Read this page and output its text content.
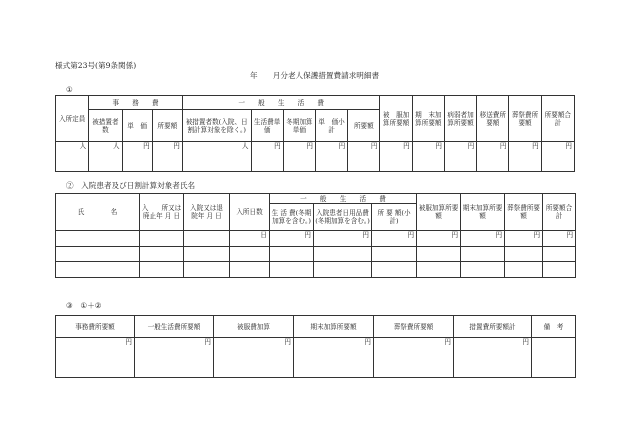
様式第23号(第9条関係)
年　　月分老人保護措置費請求明細書
①
入所定員	事　　務　　費			一　　般　　生　　活　　費					被　服加　算所要額	期　末加　算所要額	病弱者加　算所要額	移送費所要額	葬祭費所要額	所要額合　計
	被措置者数	単　価	所要額	被措置者数(入院、日割計算対象を除く。)	生活費単　価	冬期加算単価	単　価小　計	所要額						
人	人	円	円	人	円	円	円	円	円	円	円	円	円	円
②　入院患者及び日割計算対象者氏名
氏　　　　名	入　　所又は廃止年 月 日	入院又は退　　院年 月 日	入所日数	一　　般　　生　　活　　費			被服加算所要額	期末加算所要額	葬祭費所要額	所要額合　計
				生 活 費(冬期加算を含む。)	入院患者日用品費(冬期加算を含む。)	所 要 額(小 計)				
			日	円	円	円	円	円	円	円

③　①＋②
事務費所要額	一般生活費所要額	被服費加算	期末加算所要額	葬祭費所要額	措置費所要額計	備　考
円	円	円	円	円	円	
